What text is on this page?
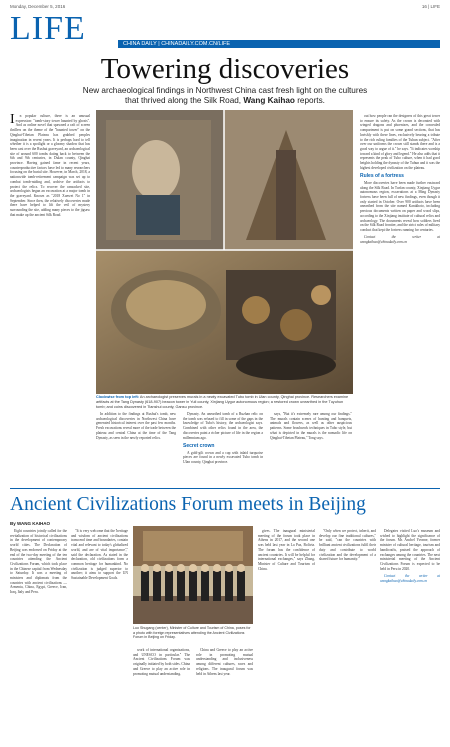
Monday, December 5, 2016	16 | LIFE
LIFE	CHINA DAILY | CHINADAILY.COM.CN/LIFE
Towering discoveries
New archaeological findings in Northwest China cast fresh light on the cultures
that thrived along the Silk Road, Wang Kaihao reports.
I	n popular culture, there is an unusual expression: "tomb-story tower haunted by ghosts". And as online novel that spawned a raft of screen thrillers on the theme of the "haunted tower" on the Qinghai-Tibetan Plateau has grabbed peoples imagination in recent years. It is perhaps hard to tell whether it is a spotlight or a gloomy shadow that has been cast over the Rushui graveyard, an archaeological site of around 600 tombs dating back to between the 6th and 9th centuries, in Dulan county, Qinghai province. Having gained fame in recent years, counterproductive factors have led to many researchers focusing on the burial site. However, in March, 2018, a nationwide tomb-retirement campaign was set up to combat tomb-raiding and, archive the artifacts to protect the relics. To recover the ransacked site, archaeologists began an excavation at a major tomb in the graveyard. Known as "2018 Xuewei No 1" in September. Since then, the relatively discoveries made there have helped to lift the veil of mystery surrounding the site, adding many pieces to the jigsaw that make up the ancient Silk Road.

Clockwise from top left: An archaeologist preserves murals in a newly excavated Tubo tomb in Ulan county, Qinghai province. Researchers examine artifacts at the Tang Dynasty (618-907) beacon tower in Yuli county, Xinjiang Uygur autonomous region; a restored crown unearthed in the Tuyuhun tomb; and coins discovered in Tianshui county, Gansu province.

In addition to the findings at Rushui's tomb, new archaeological discoveries in Northwest China have generated historical interest over the past few months. Fresh excavations reveal more of the trade between the plateau and central China at the time of the Tang Dynasty, as seen in the newly reported relics.

Dynasty. An unearthed tomb of a Ruzhan relic on the tomb was refused to fill in some of the gaps in the knowledge of Tubo's history, the archaeologist says. Combined with other relics found in the area, the discoveries paint a richer picture of life in the region a millennium ago.

Secret crown

A gold-gilt crown and a cup with inlaid turquoise pieces are found in a newly excavated Tubo tomb in Ulan county, Qinghai province.

says, "But it's extremely rare among our findings." The murals contain scenes of hunting and banquets, animals and flowers, as well as other auspicious patterns. Some brushwork techniques in Tubo style, but what is depicted in the murals is the nomadic life on Qinghai-Tibetan Plateau," Tong says.

out how people ran the designers of this great tower to ensure its safety. As the crown is decorated with winged dragons and phoenixes, and the concealed compartment is put on some grand sections, that has lavishly with these lines, exclusively bearing a tribute to the rich ruling families of the Tuhun subject. "After over our uniforms the crown still stands there and is a good way to argue of it." he says. "It indicates worship toward a kind of glory and legend." He also adds that it represents the peak of Tubo culture, when it had good heights holding the dynasty of the Tuhun and it was the highest developed civilization on the plateau.

Rules of a fortress

More discoveries have been made further eastward along the Silk Road. In Turfan county, Xinjiang Uygur autonomous region, excavations at a Ming Dynasty fortress have been full of new findings, even though it only started in October. Over 900 artifacts have been unearthed from the site named Karakhoto, including precious documents written on paper and wood slips, according to the Xinjiang institute of cultural relics and archaeology. The documents reveal how soldiers lived on the Silk Road frontier, and the strict rules of military conduct that kept the fortress running for centuries.

Contact the writer at wangkaihao@chinadaily.com.cn

Ancient Civilizations Forum meets in Beijing
By WANG KAIHAO

Eight countries jointly called for the revitalization of historical civilizations in the development of contemporary world cities. The Declaration of Beijing was endorsed on Friday at the end of the two-day meeting of the ten countries attending the Ancient Civilizations Forum, which took place in the Chinese capital from Wednesday to Saturday. It was a meeting of ministers and diplomats from the countries with ancient civilizations — Armenia, China, Egypt, Greece, Iran, Iraq, Italy and Peru.

"It is very welcome that the 'heritage and wisdom of ancient civilizations transcend time and boundaries, contain vital and relevant to today's globalized world, and are of vital importance'," said the declaration. As stated in the declaration, old civilizations form a common heritage for humankind. No civilization is judged superior to another; it aims to support the UN Sustainable Development Goals.

Luo Shugang (center), Minister of Culture and Tourism of China, poses for a photo with foreign representatives attending the Ancient Civilizations Forum in Beijing on Friday.

work of international organizations, and UNESCO in particular." The Ancient Civilizations Forum was originally initiated by both sides. China and Greece to play an active role in promoting mutual understanding.

China and Greece to play an active role in promoting mutual understanding and inclusiveness among different cultures, races and religions. The inaugural forum was held in Athens last year.

gives. The inaugural ministerial meeting of the forum took place in Athens in 2017, and the second one was held last year in La Paz, Bolivia. The forum has the confidence of ancient countries. It will be helpful for international exchanges," says Zhang, Minister of Culture and Tourism of China.

"Only when we protect, inherit, and develop our fine traditional cultures," he said, "can the countries with brilliant ancient civilizations fulfil their duty and contribute to world civilization and the development of a shared future for humanity."

Delegates visited Luo's museum and wished to highlight the significance of the forum. Mr. Anchel Yvonne, former minister of cultural heritage, tourism and handicrafts, praised the approach of exchanges among the countries. The next ministerial meeting of the Ancient Civilizations Forum is expected to be held in Peru in 2020.

Contact the writer at wangkaihao@chinadaily.com.cn
